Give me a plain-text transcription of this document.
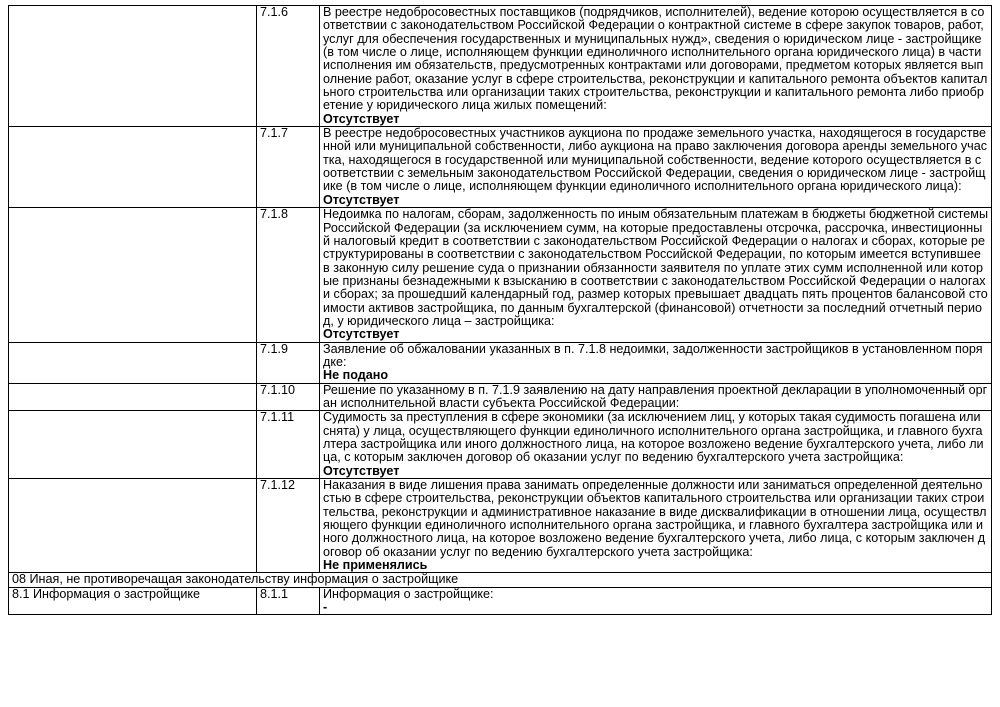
	7.1.6	В реестре недобросовестных поставщиков (подрядчиков, исполнителей), ведение которою осуществляется в соответствии с законодательством Российской Федерации о контрактной системе в сфере закупок товаров, работ, услуг для обеспечения государственных и муниципальных нужд», сведения о юридическом лице - застройщике (в том числе о лице, исполняющем функции единоличного исполнительного органа юридического лица) в части исполнения им обязательств, предусмотренных контрактами или договорами, предметом которых является выполнение работ, оказание услуг в сфере строительства, реконструкции и капитального ремонта объектов капитального строительства или организации таких строительства, реконструкции и капитального ремонта либо приобретение у юридического лица жилых помещений:
Отсутствует

	7.1.7	В реестре недобросовестных участников аукциона по продаже земельного участка, находящегося в государственной или муниципальной собственности, либо аукциона на право заключения договора аренды земельного участка, находящегося в государственной или муниципальной собственности, ведение которого осуществляется в соответствии с земельным законодательством Российской Федерации, сведения о юридическом лице - застройщике (в том числе о лице, исполняющем функции единоличного исполнительного органа юридического лица):
Отсутствует

	7.1.8	Недоимка по налогам, сборам, задолженность по иным обязательным платежам в бюджеты бюджетной системы Российской Федерации (за исключением сумм, на которые предоставлены отсрочка, рассрочка, инвестиционный налоговый кредит в соответствии с законодательством Российской Федерации о налогах и сборах, которые реструктурированы в соответствии с законодательством Российской Федерации, по которым имеется вступившее в законную силу решение суда о признании обязанности заявителя по уплате этих сумм исполненной или которые признаны безнадежными к взысканию в соответствии с законодательством Российской Федерации о налогах и сборах; за прошедший календарный год, размер которых превышает двадцать пять процентов балансовой стоимости активов застройщика, по данным бухгалтерской (финансовой) отчетности за последний отчетный период, у юридического лица – застройщика:
Отсутствует

	7.1.9	Заявление об обжаловании указанных в п. 7.1.8 недоимки, задолженности застройщиков в установленном порядке:
Не подано

	7.1.10	Решение по указанному в п. 7.1.9 заявлению на дату направления проектной декларации в уполномоченный орган исполнительной власти субъекта Российской Федерации:

	7.1.11	Судимость за преступления в сфере экономики (за исключением лиц, у которых такая судимость погашена или снята) у лица, осуществляющего функции единоличного исполнительного органа застройщика, и главного бухгалтера застройщика или иного должностного лица, на которое возложено ведение бухгалтерского учета, либо лица, с которым заключен договор об оказании услуг по ведению бухгалтерского учета застройщика:
Отсутствует

	7.1.12	Наказания в виде лишения права занимать определенные должности или заниматься определенной деятельностью в сфере строительства, реконструкции объектов капитального строительства или организации таких строительства, реконструкции и административное наказание в виде дисквалификации в отношении лица, осуществляющего функции единоличного исполнительного органа застройщика, и главного бухгалтера застройщика или иного должностного лица, на которое возложено ведение бухгалтерского учета, либо лица, с которым заключен договор об оказании услуг по ведению бухгалтерского учета застройщика:
Не применялись

08 Иная, не противоречащая законодательству информация о застройщике		
8.1 Информация о застройщике	8.1.1	Информация о застройщике:
-
